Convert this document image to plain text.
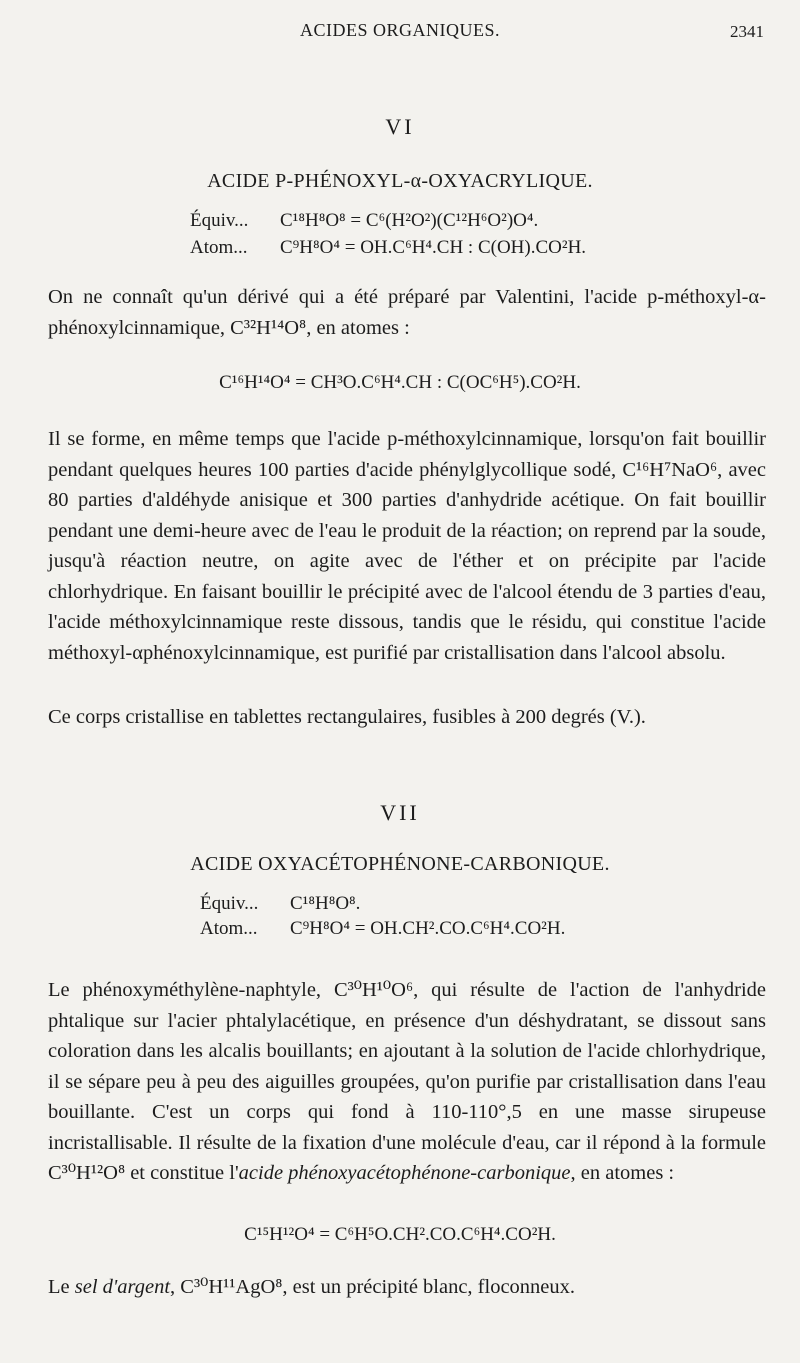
ACIDES ORGANIQUES.	2341
VI
ACIDE P-PHÉNOXYL-α-OXYACRYLIQUE.
Équiv... C¹⁸H⁸O⁸ = C⁶(H²O²)(C¹²H⁶O²)O⁴.
Atom... C⁹H⁸O⁴ = OH.C⁶H⁴.CH : C(OH).CO²H.

On ne connaît qu'un dérivé qui a été préparé par Valentini, l'acide p-méthoxyl-α-phénoxylcinnamique, C³²H¹⁴O⁸, en atomes :

C¹⁶H¹⁴O⁴ = CH³O.C⁶H⁴.CH : C(OC⁶H⁵).CO²H.

Il se forme, en même temps que l'acide p-méthoxylcinnamique, lorsqu'on fait bouillir pendant quelques heures 100 parties d'acide phénylglycollique sodé, C¹⁶H⁷NaO⁶, avec 80 parties d'aldéhyde anisique et 300 parties d'anhydride acétique. On fait bouillir pendant une demi-heure avec de l'eau le produit de la réaction; on reprend par la soude, jusqu'à réaction neutre, on agite avec de l'éther et on précipite par l'acide chlorhydrique. En faisant bouillir le précipité avec de l'alcool étendu de 3 parties d'eau, l'acide méthoxylcinnamique reste dissous, tandis que le résidu, qui constitue l'acide méthoxyl-αphénoxylcinnamique, est purifié par cristallisation dans l'alcool absolu.

Ce corps cristallise en tablettes rectangulaires, fusibles à 200 degrés (V.).

VII
ACIDE OXYACÉTOPHÉNONE-CARBONIQUE.
Équiv... C¹⁸H⁸O⁸.
Atom... C⁹H⁸O⁴ = OH.CH².CO.C⁶H⁴.CO²H.

Le phénoxyméthylène-naphtyle, C³⁰H¹⁰O⁶, qui résulte de l'action de l'anhydride phtalique sur l'acier phtalylacétique, en présence d'un déshydratant, se dissout sans coloration dans les alcalis bouillants; en ajoutant à la solution de l'acide chlorhydrique, il se sépare peu à peu des aiguilles groupées, qu'on purifie par cristallisation dans l'eau bouillante. C'est un corps qui fond à 110-110°,5 en une masse sirupeuse incristallisable. Il résulte de la fixation d'une molécule d'eau, car il répond à la formule C³⁰H¹²O⁸ et constitue l'acide phénoxyacétophénone-carbonique, en atomes :

C¹⁵H¹²O⁴ = C⁶H⁵O.CH².CO.C⁶H⁴.CO²H.

Le sel d'argent, C³⁰H¹¹AgO⁸, est un précipité blanc, floconneux.
